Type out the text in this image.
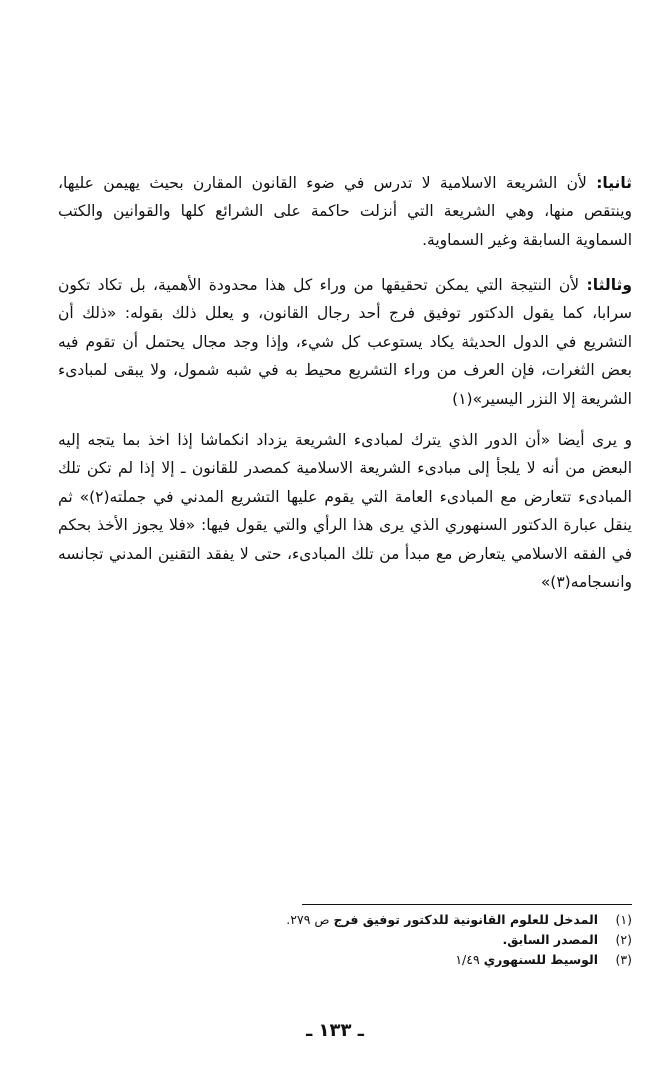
ثانيا: لأن الشريعة الاسلامية لا تدرس في ضوء القانون المقارن بحيث يهيمن عليها، وينتقص منها، وهي الشريعة التي أنزلت حاكمة على الشرائع كلها والقوانين والكتب السماوية السابقة وغير السماوية.

وثالثا: لأن النتيجة التي يمكن تحقيقها من وراء كل هذا محدودة الأهمية، بل تكاد تكون سرابا، كما يقول الدكتور توفيق فرج أحد رجال القانون، و يعلل ذلك بقوله: «ذلك أن التشريع في الدول الحديثة يكاد يستوعب كل شيء، وإذا وجد مجال يحتمل أن تقوم فيه بعض الثغرات، فإن العرف من وراء التشريع محيط به في شبه شمول، ولا يبقى لمبادىء الشريعة إلا النزر اليسير»(١)

و يرى أيضا «أن الدور الذي يترك لمبادىء الشريعة يزداد انكماشا إذا اخذ بما يتجه إليه البعض من أنه لا يلجأ إلى مبادىء الشريعة الاسلامية كمصدر للقانون ـ إلا إذا لم تكن تلك المبادىء تتعارض مع المبادىء العامة التي يقوم عليها التشريع المدني في جملته(٢)» ثم ينقل عبارة الدكتور السنهوري الذي يرى هذا الرأي والتي يقول فيها: «فلا يجوز الأخذ بحكم في الفقه الاسلامي يتعارض مع مبدأ من تلك المبادىء، حتى لا يفقد التقنين المدني تجانسه وانسجامه(٣)»

(١)المدخل للعلوم القانونية للدكتور توفيق فرج ص ٢٧٩.
(٢)المصدر السابق.
(٣)الوسيط للسنهوري ١/٤٩
ـ ١٣٣ ـ
